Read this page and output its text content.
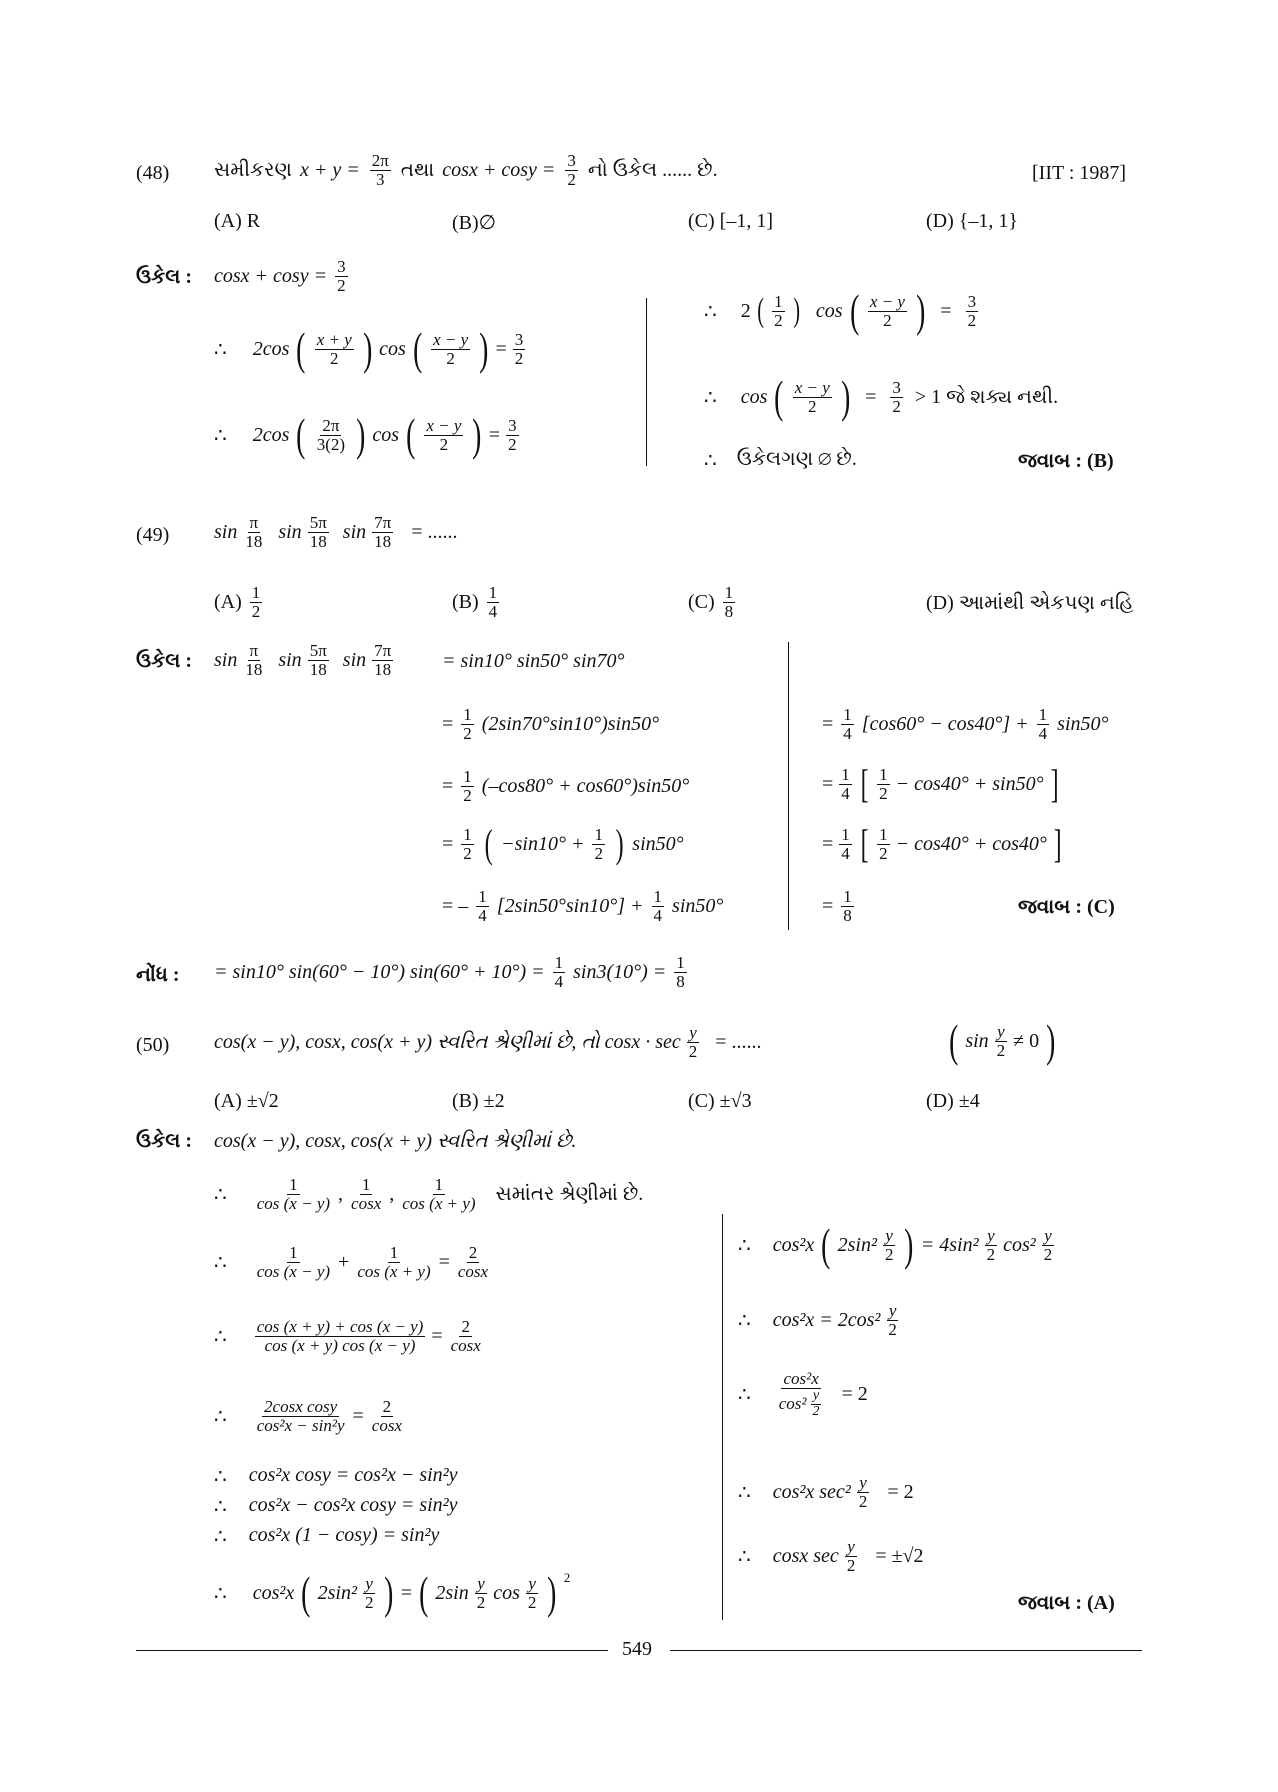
(48) સમીકરણ $x + y = \frac{2\pi}{3}$ તથા $\cos x + \cos y = \frac{3}{2}$ નો ઉકેલ ...... છે.	[IIT : 1987]
(A) R	(B)∅	(C) [–1, 1]	(D) {–1, 1}
ઉકેલ : $\cos x + \cos y = \frac{3}{2}$
∴ 2cos ( $\frac{x + y}{2}$ ) cos ( $\frac{x - y}{2}$ ) = $\frac{3}{2}$
∴ 2cos ( $\frac{2\pi}{3(2)}$ ) cos ( $\frac{x - y}{2}$ ) = $\frac{3}{2}$
∴ 2 ( $\frac{1}{2}$ ) cos ( $\frac{x - y}{2}$ ) = $\frac{3}{2}$
∴ cos ( $\frac{x - y}{2}$ ) = $\frac{3}{2} > 1$ જે શક્ય નથી.
∴ ઉકેલગણ ∅ છે.	જવાબ : (B)
(49) $\sin \frac{\pi}{18}$ $\sin \frac{5\pi}{18}$ $\sin \frac{7\pi}{18}$ = ......
$(A) \frac{1}{2}$	$(B) \frac{1}{4}$	$(C) \frac{1}{8}$	(D) આમાંથી એકપણ નહિ
ઉકેલ : $\sin \frac{\pi}{18}$ $\sin \frac{5\pi}{18}$ $\sin \frac{7\pi}{18} = \sin 10^\circ$ sin50° sin70°
= $\frac{1}{2} (2\sin 70^\circ\sin 10^\circ)\sin 50^\circ$
= $\frac{1}{2} (-\cos 80^\circ + \cos 60^\circ)\sin 50^\circ$
= $\frac{1}{2}$ ( $-\sin 10^\circ + \frac{1}{2}$ ) sin50°
= – $\frac{1}{4} [2\sin 50^\circ\sin 10^\circ] + \frac{1}{4} \sin 50^\circ$
= $\frac{1}{4} [\cos 60^\circ - \cos 40^\circ] + \frac{1}{4} \sin 50^\circ$
= $\frac{1}{4}$ [ $\frac{1}{2} - \cos 40^\circ + \sin 50^\circ$ ]
= $\frac{1}{4}$ [ $\frac{1}{2} - \cos 40^\circ + \cos 40^\circ$ ]
= $\frac{1}{8}$	જવાબ : (C)
નોંધ : = sin10° sin(60° − 10°) $\sin(60^\circ + 10^\circ) = \frac{1}{4} \sin 3(10^\circ) = \frac{1}{8}$
(50) cos(x − y), cosx, cos(x + y) સ્વરિત શ્રેણીમાં છે, તો $\cos x \cdot \sec \frac{y}{2}$ = ......	( $\sin \frac{y}{2} \ne 0$ )
(A) ±√2	(B) ±2	(C) ±√3	(D) ±4
ઉકેલ : cos(x − y), cosx, cos(x + y) સ્વરિત શ્રેણીમાં છે.
∴ $\frac{1}{\cos (x - y)}$ , $\frac{1}{\cos x}$ , $\frac{1}{\cos (x + y)}$ સમાંતર શ્રેણીમાં છે.
∴ $\frac{1}{\cos (x - y)} + \frac{1}{\cos (x + y)} = \frac{2}{\cos x}$
∴ $\frac{\cos (x + y) + \cos (x - y)}{\cos (x + y) \cos (x - y)} = \frac{2}{\cos x}$
∴ $\frac{\text{2cosx cosy}}{\text{cos²x − sin²y}} = \frac{2}{\cos x}$
∴ cos²x cosy = cos²x − sin²y
∴ cos²x − cos²x cosy = sin²y
∴ cos²x (1 − cosy) = sin²y
∴ cos²x ( $2\sin^2 \frac{y}{2}$ ) = ( $2\sin \frac{y}{2}$ $\cos \frac{y}{2}$ ) $^2$
∴ cos²x ( $2\sin^2 \frac{y}{2}$ ) = $4\sin^2 \frac{y}{2} \cos^2 \frac{y}{2}$
∴ $\cos^2x = 2\cos^2 \frac{y}{2}$
∴ $\frac{\text{cos²x}}{\cos^2 \frac{y}{2}} = 2$
∴ cos²x $\sec^2 \frac{y}{2} = 2$
∴ cosx $\sec \frac{y}{2} = \pm√2$
જવાબ : (A)
549
